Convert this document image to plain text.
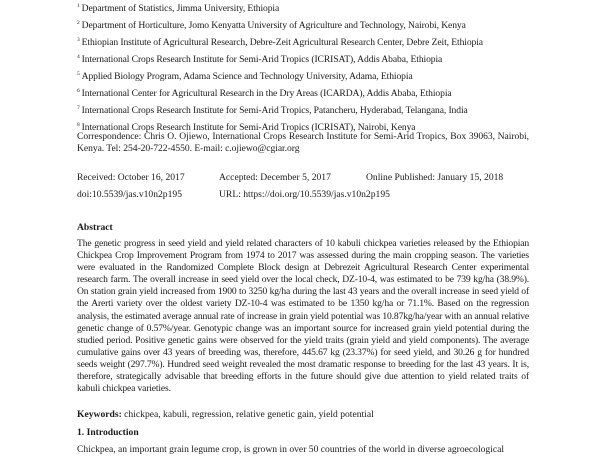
$^1$ Department of Statistics, Jimma University, Ethiopia
$^2$ Department of Horticulture, Jomo Kenyatta University of Agriculture and Technology, Nairobi, Kenya
$^3$ Ethiopian Institute of Agricultural Research, Debre-Zeit Agricultural Research Center, Debre Zeit, Ethiopia
$^4$ International Crops Research Institute for Semi-Arid Tropics (ICRISAT), Addis Ababa, Ethiopia
$^5$ Applied Biology Program, Adama Science and Technology University, Adama, Ethiopia
$^6$ International Center for Agricultural Research in the Dry Areas (ICARDA), Addis Ababa, Ethiopia
$^7$ International Crops Research Institute for Semi-Arid Tropics, Patancheru, Hyderabad, Telangana, India
$^8$ International Crops Research Institute for Semi-Arid Tropics (ICRISAT), Nairobi, Kenya
Correspondence: Chris O. Ojiewo, International Crops Research Institute for Semi-Arid Tropics, Box 39063, Nairobi, Kenya. Tel: 254-20-722-4550. E-mail: c.ojiewo@cgiar.org
Received: October 16, 2017	Accepted: December 5, 2017	Online Published: January 15, 2018
doi:10.5539/jas.v10n2p195	URL: https://doi.org/10.5539/jas.v10n2p195
Abstract
The genetic progress in seed yield and yield related characters of 10 kabuli chickpea varieties released by the Ethiopian Chickpea Crop Improvement Program from 1974 to 2017 was assessed during the main cropping season. The varieties were evaluated in the Randomized Complete Block design at Debrezeit Agricultural Research Center experimental research farm. The overall increase in seed yield over the local check, DZ-10-4, was estimated to be 739 kg/ha (38.9%). On station grain yield increased from 1900 to 3250 kg/ha during the last 43 years and the overall increase in seed yield of the Arerti variety over the oldest variety DZ-10-4 was estimated to be 1350 kg/ha or 71.1%. Based on the regression analysis, the estimated average annual rate of increase in grain yield potential was 10.87kg/ha/year with an annual relative genetic change of 0.57%/year. Genotypic change was an important source for increased grain yield potential during the studied period. Positive genetic gains were observed for the yield traits (grain yield and yield components). The average cumulative gains over 43 years of breeding was, therefore, 445.67 kg (23.37%) for seed yield, and 30.26 g for hundred seeds weight (297.7%). Hundred seed weight revealed the most dramatic response to breeding for the last 43 years. It is, therefore, strategically advisable that breeding efforts in the future should give due attention to yield related traits of kabuli chickpea varieties.
Keywords: chickpea, kabuli, regression, relative genetic gain, yield potential
1. Introduction
Chickpea, an important grain legume crop, is grown in over 50 countries of the world in diverse agroecological
